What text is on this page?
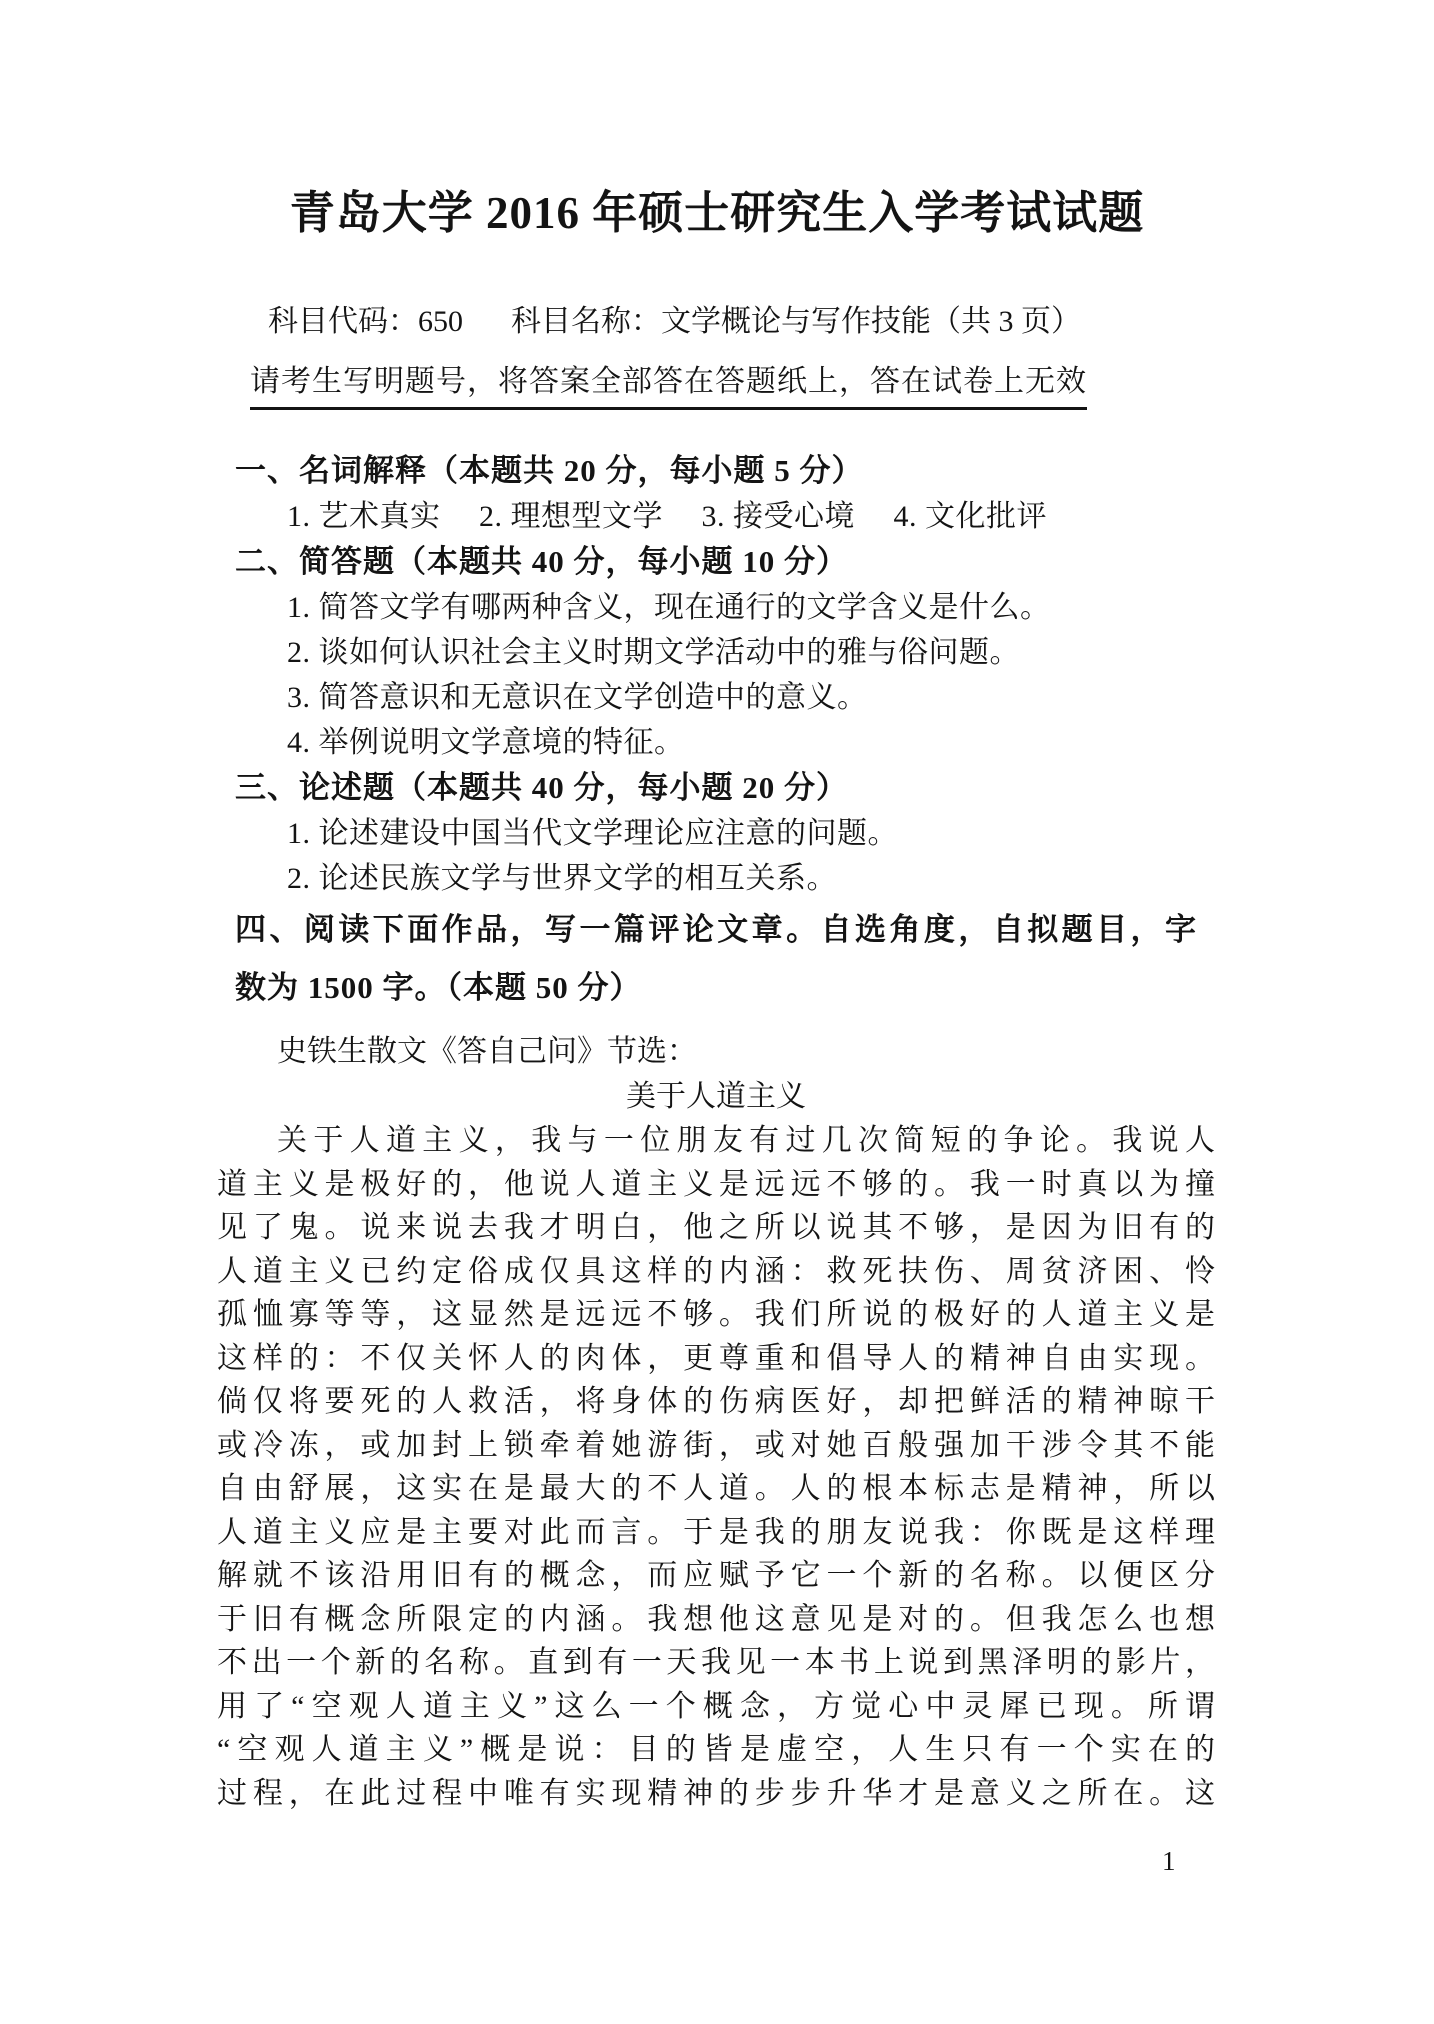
青岛大学 2016 年硕士研究生入学考试试题
科目代码：650 科目名称：文学概论与写作技能（共 3 页）
请考生写明题号，将答案全部答在答题纸上，答在试卷上无效
一、名词解释（本题共 20 分，每小题 5 分）
1. 艺术真实　 2. 理想型文学　 3. 接受心境　 4. 文化批评
二、简答题（本题共 40 分，每小题 10 分）
1. 简答文学有哪两种含义，现在通行的文学含义是什么。
2. 谈如何认识社会主义时期文学活动中的雅与俗问题。
3. 简答意识和无意识在文学创造中的意义。
4. 举例说明文学意境的特征。
三、论述题（本题共 40 分，每小题 20 分）
1. 论述建设中国当代文学理论应注意的问题。
2. 论述民族文学与世界文学的相互关系。
四、阅读下面作品，写一篇评论文章。自选角度，自拟题目，字
数为 1500 字。（本题 50 分）
史铁生散文《答自己问》节选：
美于人道主义
关于人道主义，我与一位朋友有过几次简短的争论。我说人
道主义是极好的，他说人道主义是远远不够的。我一时真以为撞
见了鬼。说来说去我才明白，他之所以说其不够，是因为旧有的
人道主义已约定俗成仅具这样的内涵：救死扶伤、周贫济困、怜
孤恤寡等等，这显然是远远不够。我们所说的极好的人道主义是
这样的：不仅关怀人的肉体，更尊重和倡导人的精神自由实现。
倘仅将要死的人救活，将身体的伤病医好，却把鲜活的精神晾干
或冷冻，或加封上锁牵着她游街，或对她百般强加干涉令其不能
自由舒展，这实在是最大的不人道。人的根本标志是精神，所以
人道主义应是主要对此而言。于是我的朋友说我：你既是这样理
解就不该沿用旧有的概念，而应赋予它一个新的名称。以便区分
于旧有概念所限定的内涵。我想他这意见是对的。但我怎么也想
不出一个新的名称。直到有一天我见一本书上说到黑泽明的影片，
用了“空观人道主义”这么一个概念，方觉心中灵犀已现。所谓
“空观人道主义”概是说：目的皆是虚空，人生只有一个实在的
过程，在此过程中唯有实现精神的步步升华才是意义之所在。这
1
